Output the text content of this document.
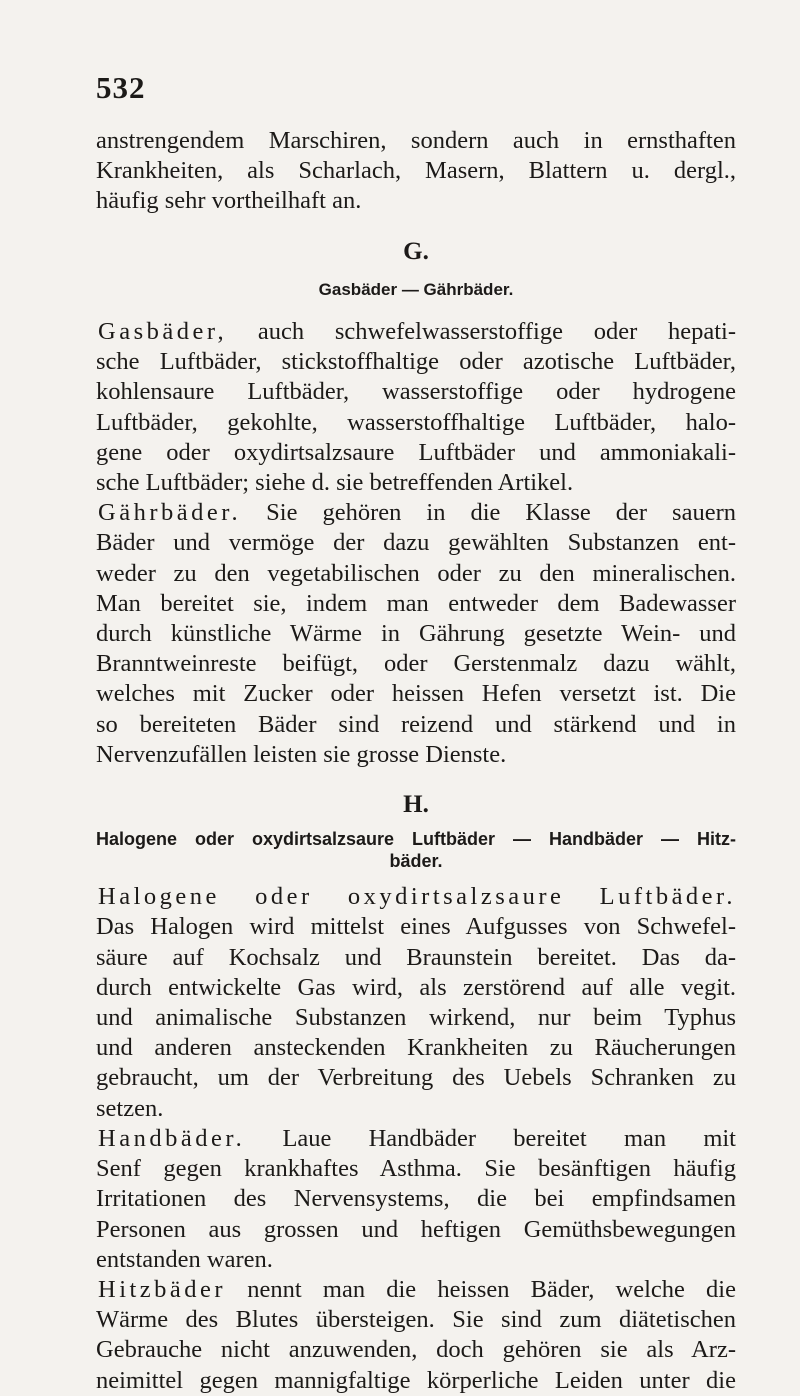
532
anstrengendem Marschiren, sondern auch in ernsthaften
Krankheiten, als Scharlach, Masern, Blattern u. dergl.,
häufig sehr vortheilhaft an.
G.
Gasbäder — Gährbäder.
Gasbäder, auch schwefelwasserstoffige oder hepati-
sche Luftbäder, stickstoffhaltige oder azotische Luftbäder,
kohlensaure Luftbäder, wasserstoffige oder hydrogene
Luftbäder, gekohlte, wasserstoffhaltige Luftbäder, halo-
gene oder oxydirtsalzsaure Luftbäder und ammoniakali-
sche Luftbäder; siehe d. sie betreffenden Artikel.
Gährbäder. Sie gehören in die Klasse der sauern
Bäder und vermöge der dazu gewählten Substanzen ent-
weder zu den vegetabilischen oder zu den mineralischen.
Man bereitet sie, indem man entweder dem Badewasser
durch künstliche Wärme in Gährung gesetzte Wein- und
Branntweinreste beifügt, oder Gerstenmalz dazu wählt,
welches mit Zucker oder heissen Hefen versetzt ist. Die
so bereiteten Bäder sind reizend und stärkend und in
Nervenzufällen leisten sie grosse Dienste.
H.
Halogene oder oxydirtsalzsaure Luftbäder — Handbäder — Hitz-
bäder.
Halogene oder oxydirtsalzsaure Luftbäder.
Das Halogen wird mittelst eines Aufgusses von Schwefel-
säure auf Kochsalz und Braunstein bereitet. Das da-
durch entwickelte Gas wird, als zerstörend auf alle vegit.
und animalische Substanzen wirkend, nur beim Typhus
und anderen ansteckenden Krankheiten zu Räucherungen
gebraucht, um der Verbreitung des Uebels Schranken zu
setzen.
Handbäder. Laue Handbäder bereitet man mit
Senf gegen krankhaftes Asthma. Sie besänftigen häufig
Irritationen des Nervensystems, die bei empfindsamen
Personen aus grossen und heftigen Gemüthsbewegungen
entstanden waren.
Hitzbäder nennt man die heissen Bäder, welche die
Wärme des Blutes übersteigen. Sie sind zum diätetischen
Gebrauche nicht anzuwenden, doch gehören sie als Arz-
neimittel gegen mannigfaltige körperliche Leiden unter die
